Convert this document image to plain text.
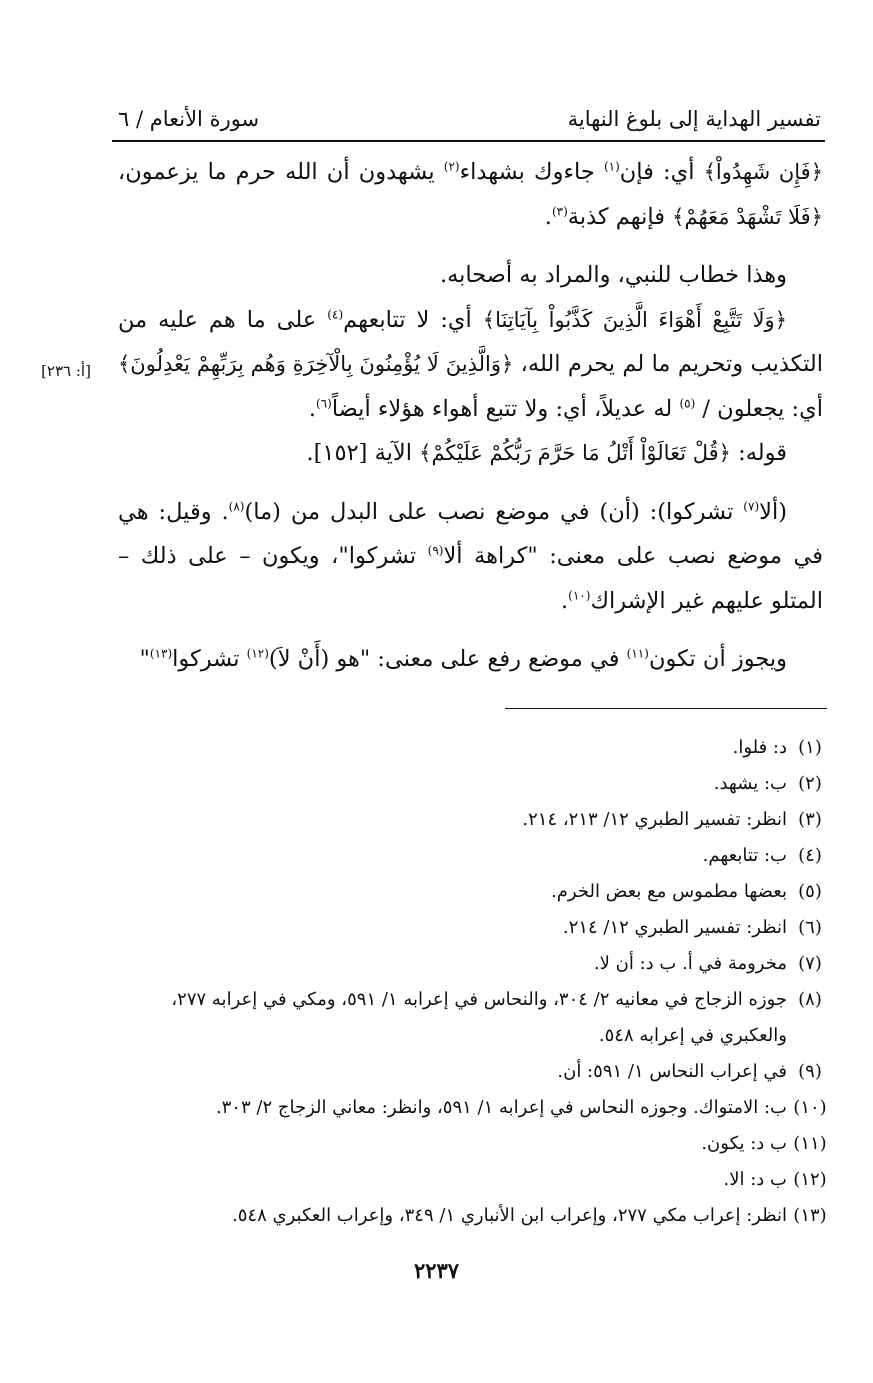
تفسير الهداية إلى بلوغ النهاية
سورة الأنعام / ٦
[أ: ٢٣٦]

﴿فَإِن شَهِدُواْ﴾ أي: فإن$^{(١)}$ جاءوك بشهداء$^{(٢)}$ يشهدون أن الله حرم ما يزعمون، ﴿فَلَا تَشْهَدْ مَعَهُمْ﴾ فإنهم كذبة$^{(٣)}$.

وهذا خطاب للنبي، والمراد به أصحابه.

﴿وَلَا تَتَّبِعْ أَهْوَاءَ الَّذِينَ كَذَّبُواْ بِآيَاتِنَا﴾ أي: لا تتابعهم$^{(٤)}$ على ما هم عليه من التكذيب وتحريم ما لم يحرم الله، ﴿وَالَّذِينَ لَا يُؤْمِنُونَ بِالْآخِرَةِ وَهُم بِرَبِّهِمْ يَعْدِلُونَ﴾ أي: يجعلون / $^{(٥)}$ له عديلاً، أي: ولا تتبع أهواء هؤلاء أيضاً$^{(٦)}$.

قوله: ﴿قُلْ تَعَالَوْاْ أَتْلُ مَا حَرَّمَ رَبُّكُمْ عَلَيْكُمْ﴾ الآية [١٥٢].

(ألا$^{(٧)}$ تشركوا): (أن) في موضع نصب على البدل من (ما)$^{(٨)}$. وقيل: هي في موضع نصب على معنى: "كراهة ألا$^{(٩)}$ تشركوا"، ويكون – على ذلك – المتلو عليهم غير الإشراك$^{(١٠)}$.

ويجوز أن تكون$^{(١١)}$ في موضع رفع على معنى: "هو (أَنْ لاَ)$^{(١٢)}$ تشركوا$^{(١٣)}$"

(١)
د: فلوا.
(٢)
ب: يشهد.
(٣)
انظر: تفسير الطبري ١٢/ ٢١٣، ٢١٤.
(٤)
ب: تتابعهم.
(٥)
بعضها مطموس مع بعض الخرم.
(٦)
انظر: تفسير الطبري ١٢/ ٢١٤.
(٧)
مخرومة في أ. ب د: أن لا.
(٨)
جوزه الزجاج في معانيه ٢/ ٣٠٤، والنحاس في إعرابه ١/ ٥٩١، ومكي في إعرابه ٢٧٧، والعكبري في إعرابه ٥٤٨.
(٩)
في إعراب النحاس ١/ ٥٩١: أن.
(١٠)
ب: الامتواك. وجوزه النحاس في إعرابه ١/ ٥٩١، وانظر: معاني الزجاج ٢/ ٣٠٣.
(١١)
ب د: يكون.
(١٢)
ب د: الا.
(١٣)
انظر: إعراب مكي ٢٧٧، وإعراب ابن الأنباري ١/ ٣٤٩، وإعراب العكبري ٥٤٨.
٢٢٣٧
